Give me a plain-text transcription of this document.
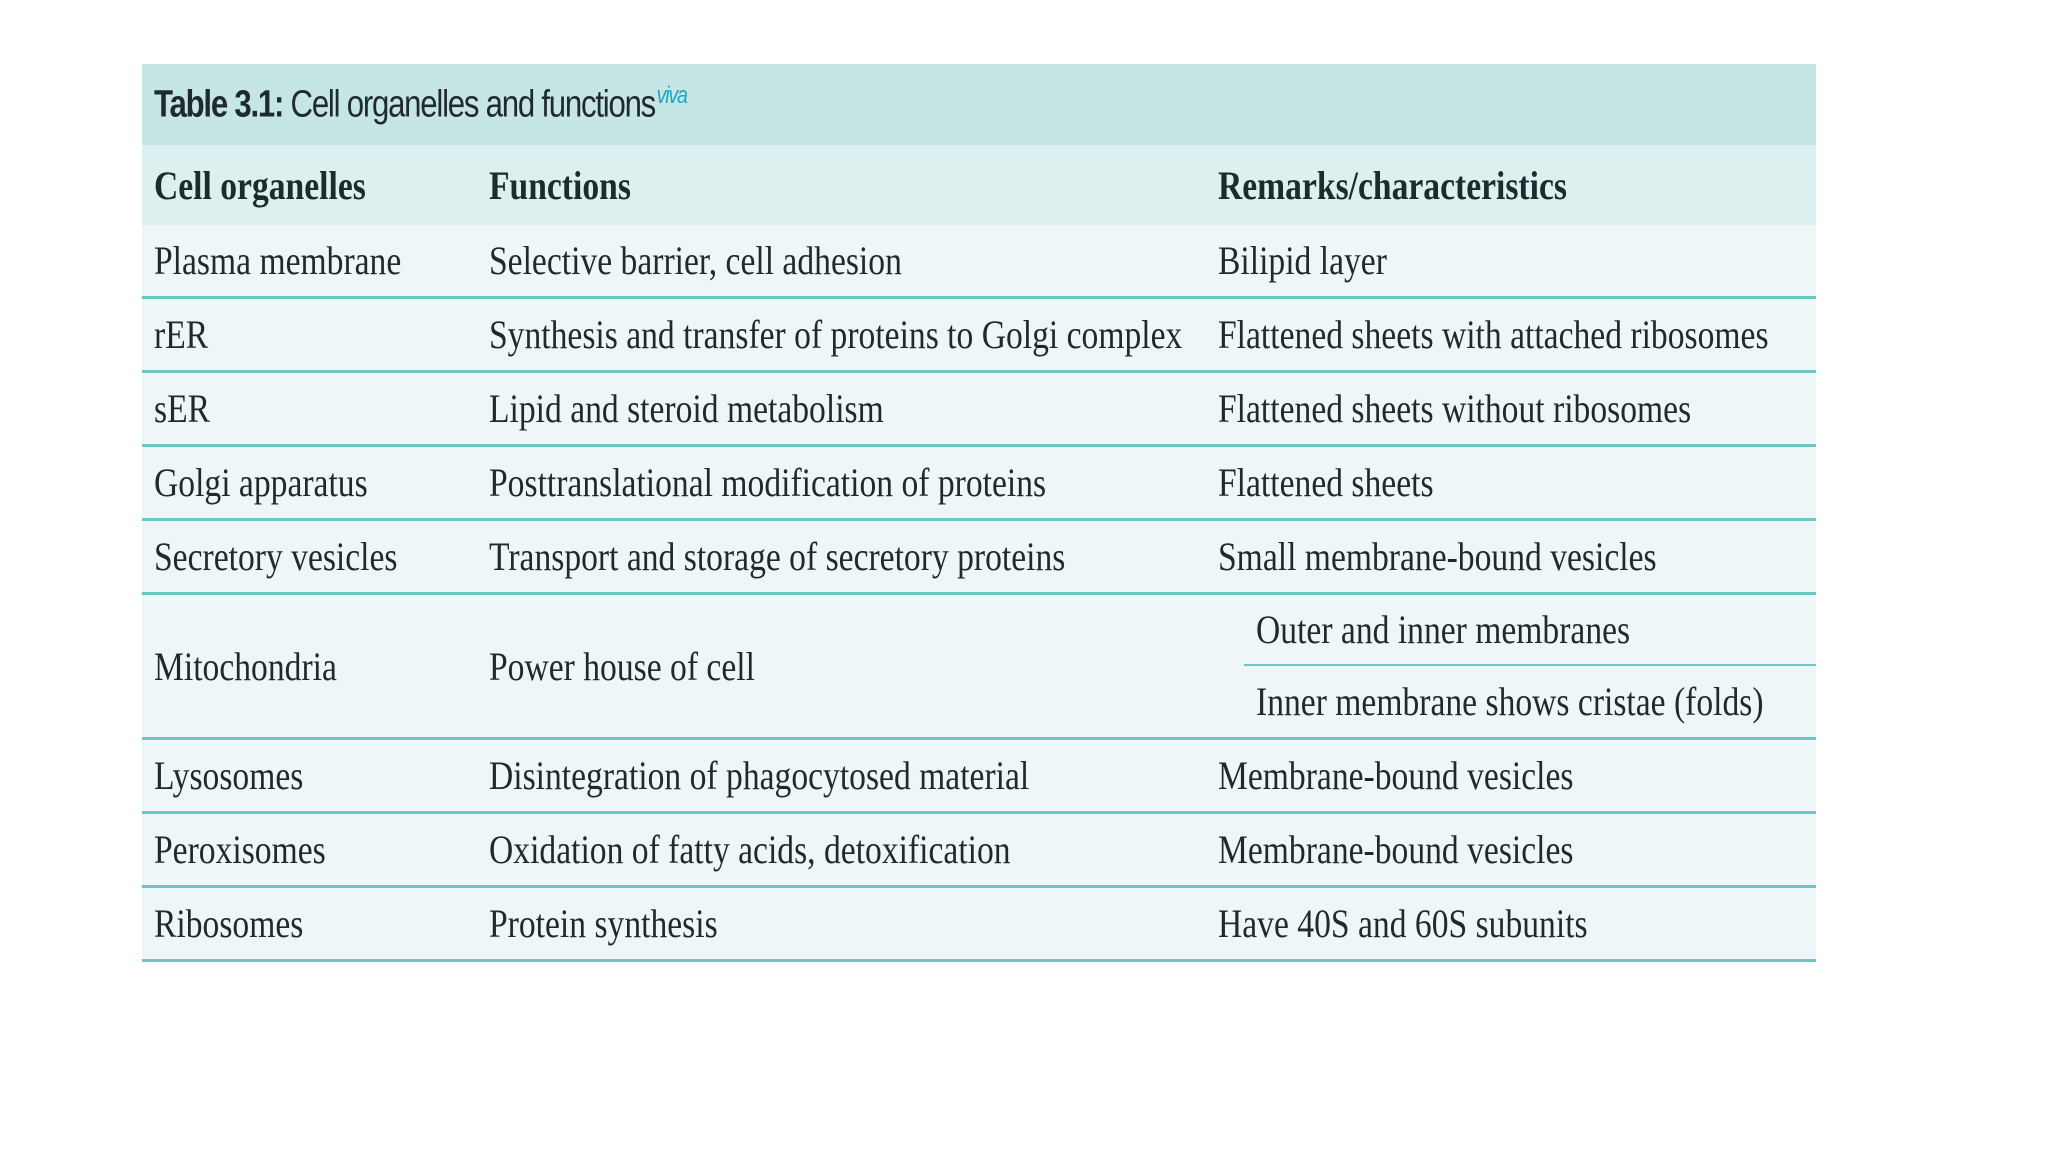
Table 3.1: Cell organelles and functions$^{viva}$
Cell organelles	Functions	Remarks/characteristics
Plasma membrane	Selective barrier, cell adhesion	Bilipid layer
rER	Synthesis and transfer of proteins to Golgi complex	Flattened sheets with attached ribosomes
sER	Lipid and steroid metabolism	Flattened sheets without ribosomes
Golgi apparatus	Posttranslational modification of proteins	Flattened sheets
Secretory vesicles	Transport and storage of secretory proteins	Small membrane-bound vesicles
Mitochondria	Power house of cell	Outer and inner membranes
Inner membrane shows cristae (folds)

Lysosomes	Disintegration of phagocytosed material	Membrane-bound vesicles
Peroxisomes	Oxidation of fatty acids, detoxification	Membrane-bound vesicles
Ribosomes	Protein synthesis	Have 40S and 60S subunits
